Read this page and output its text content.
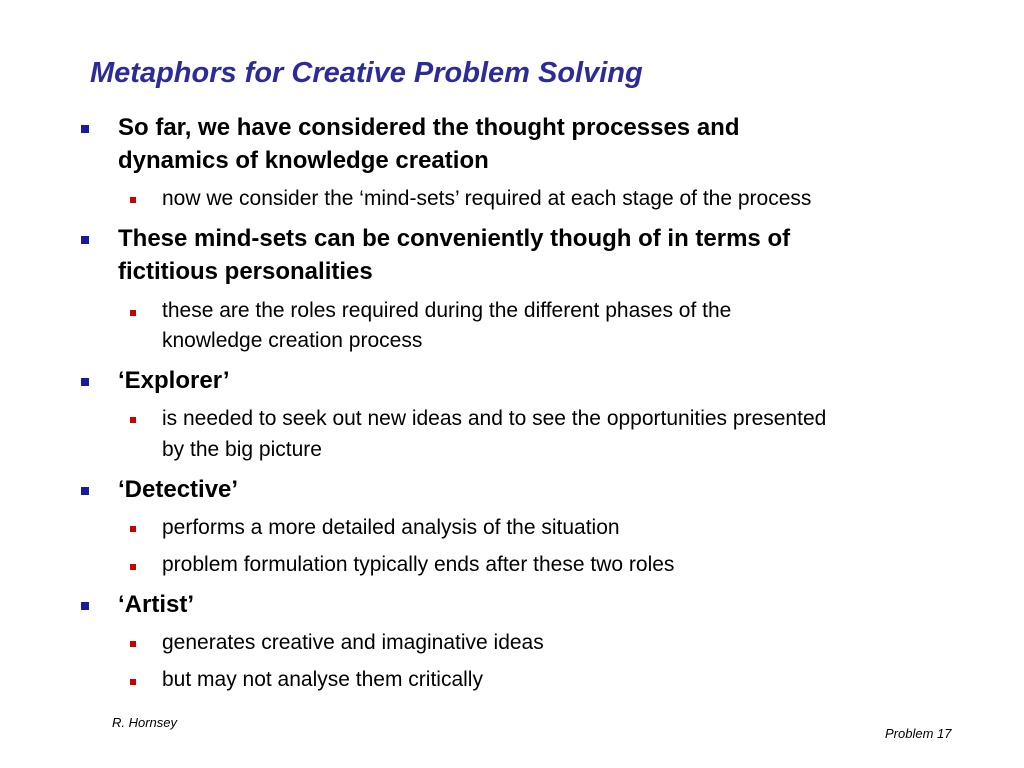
Metaphors for Creative Problem Solving
So far, we have considered the thought processes and
dynamics of knowledge creation
now we consider the ‘mind-sets’ required at each stage of the process
These mind-sets can be conveniently though of in terms of
fictitious personalities
these are the roles required during the different phases of the
knowledge creation process
‘Explorer’
is needed to seek out new ideas and to see the opportunities presented
by the big picture
‘Detective’
performs a more detailed analysis of the situation
problem formulation typically ends after these two roles
‘Artist’
generates creative and imaginative ideas
but may not analyse them critically
R. Hornsey
Problem 17
